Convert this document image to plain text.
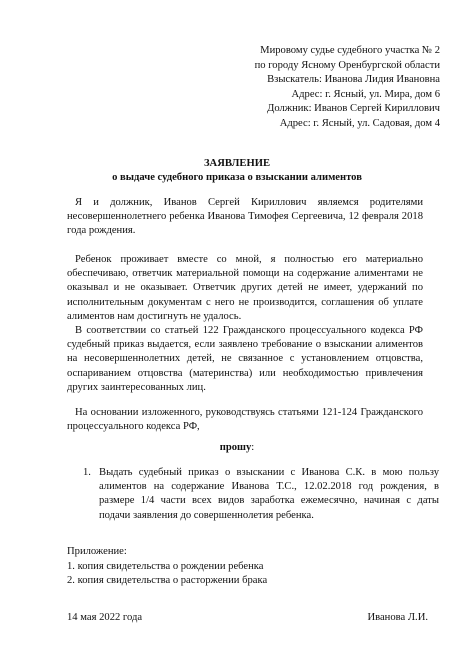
Мировому судье судебного участка № 2
по городу Ясному Оренбургской области
Взыскатель: Иванова Лидия Ивановна
Адрес: г. Ясный, ул. Мира, дом 6
Должник: Иванов Сергей Кириллович
Адрес: г. Ясный, ул. Садовая, дом 4
ЗАЯВЛЕНИЕ
о выдаче судебного приказа о взыскании алиментов

Я и должник, Иванов Сергей Кириллович являемся родителями несовершеннолетнего ребенка Иванова Тимофея Сергеевича, 12 февраля 2018 года рождения.

Ребенок проживает вместе со мной, я полностью его материально обеспечиваю, ответчик материальной помощи на содержание алиментами не оказывал и не оказывает. Ответчик других детей не имеет, удержаний по исполнительным документам с него не производится, соглашения об уплате алиментов нам достигнуть не удалось.

В соответствии со статьей 122 Гражданского процессуального кодекса РФ судебный приказ выдается, если заявлено требование о взыскании алиментов на несовершеннолетних детей, не связанное с установлением отцовства, оспариванием отцовства (материнства) или необходимостью привлечения других заинтересованных лиц.

На основании изложенного, руководствуясь статьями 121-124 Гражданского процессуального кодекса РФ,

прошу:
1. Выдать судебный приказ о взыскании с Иванова С.К. в мою пользу алиментов на содержание Иванова Т.С., 12.02.2018 год рождения, в размере 1/4 части всех видов заработка ежемесячно, начиная с даты подачи заявления до совершеннолетия ребенка.
Приложение:
1. копия свидетельства о рождении ребенка
2. копия свидетельства о расторжении брака
14 мая 2022 года	Иванова Л.И.
